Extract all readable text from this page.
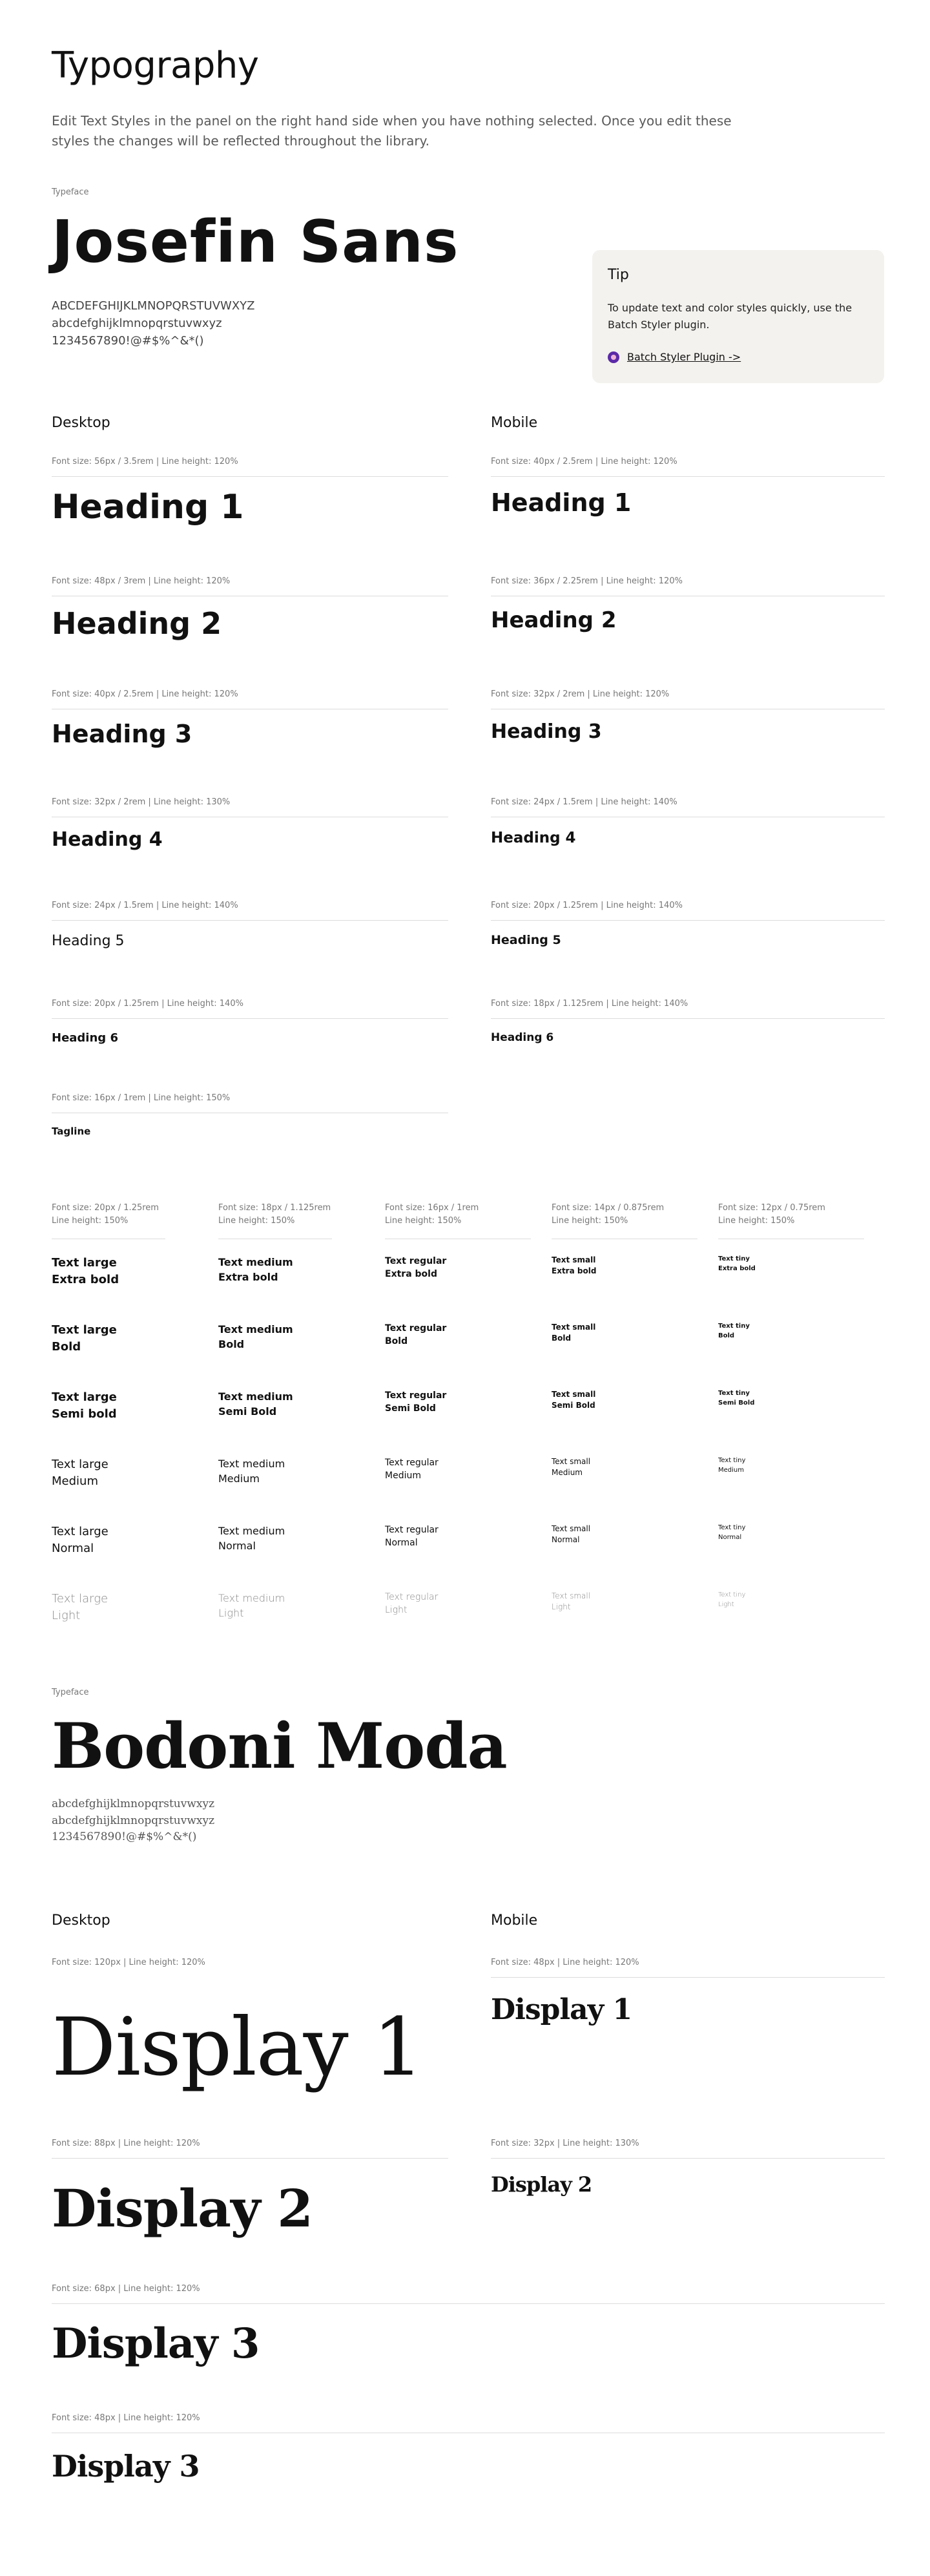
Typography
Edit Text Styles in the panel on the right hand side when you have nothing selected. Once you edit these styles the changes will be reflected throughout the library.
Typeface
Josefin Sans
ABCDEFGHIJKLMNOPQRSTUVWXYZ
abcdefghijklmnopqrstuvwxyz
1234567890!@#$%^&*()
Tip
To update text and color styles quickly, use the Batch Styler plugin.
Batch Styler Plugin ->
Desktop	Mobile
Font size: 56px / 3.5rem | Line height: 120%
Heading 1
Font size: 48px / 3rem | Line height: 120%
Heading 2
Font size: 40px / 2.5rem | Line height: 120%
Heading 3
Font size: 32px / 2rem | Line height: 130%
Heading 4
Font size: 24px / 1.5rem | Line height: 140%
Heading 5
Font size: 20px / 1.25rem | Line height: 140%
Heading 6
Font size: 16px / 1rem | Line height: 150%
Tagline
Font size: 40px / 2.5rem | Line height: 120%
Heading 1
Font size: 36px / 2.25rem | Line height: 120%
Heading 2
Font size: 32px / 2rem | Line height: 120%
Heading 3
Font size: 24px / 1.5rem | Line height: 140%
Heading 4
Font size: 20px / 1.25rem | Line height: 140%
Heading 5
Font size: 18px / 1.125rem | Line height: 140%
Heading 6
Font size: 20px / 1.25rem
Line height: 150%
Font size: 18px / 1.125rem
Line height: 150%
Font size: 16px / 1rem
Line height: 150%
Font size: 14px / 0.875rem
Line height: 150%
Font size: 12px / 0.75rem
Line height: 150%
Text large
Extra bold
Text large
Bold
Text large
Semi bold
Text large
Medium
Text large
Normal
Text large
Light
Text medium
Extra bold
Text medium
Bold
Text medium
Semi Bold
Text medium
Medium
Text medium
Normal
Text medium
Light
Text regular
Extra bold
Text regular
Bold
Text regular
Semi Bold
Text regular
Medium
Text regular
Normal
Text regular
Light
Text small
Extra bold
Text small
Bold
Text small
Semi Bold
Text small
Medium
Text small
Normal
Text small
Light
Text tiny
Extra bold
Text tiny
Bold
Text tiny
Semi Bold
Text tiny
Medium
Text tiny
Normal
Text tiny
Light
Typeface
Bodoni Moda
abcdefghijklmnopqrstuvwxyz
abcdefghijklmnopqrstuvwxyz
1234567890!@#$%^&*()
Desktop	Mobile
Font size: 120px | Line height: 120%
Display 1
Font size: 88px | Line height: 120%
Display 2
Font size: 48px | Line height: 120%
Display 1
Font size: 32px | Line height: 130%
Display 2
Font size: 68px | Line height: 120%
Display 3
Font size: 48px | Line height: 120%
Display 3
